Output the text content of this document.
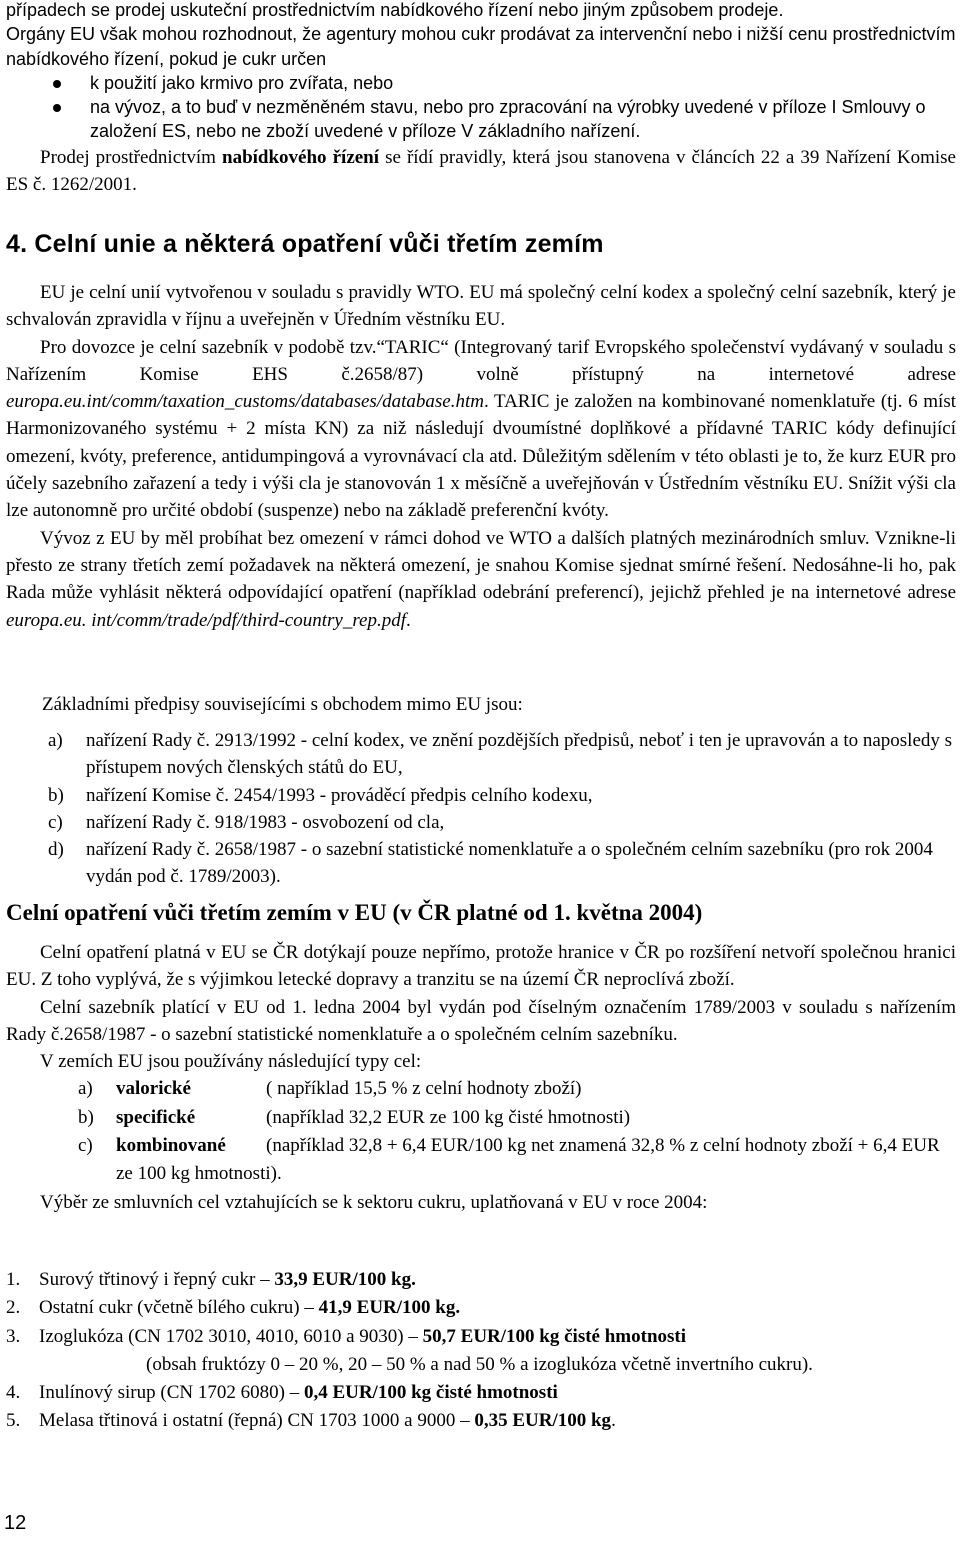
případech se prodej uskuteční prostřednictvím nabídkového řízení nebo jiným způsobem prodeje.

Orgány EU však mohou rozhodnout, že agentury mohou cukr prodávat za intervenční nebo i nižší cenu prostřednictvím nabídkového řízení, pokud je cukr určen

k použití jako krmivo pro zvířata, nebo
na vývoz, a to buď v nezměněném stavu, nebo pro zpracování na výrobky uvedené v příloze I Smlouvy o založení ES, nebo ne zboží uvedené v příloze V základního nařízení.

Prodej prostřednictvím nabídkového řízení se řídí pravidly, která jsou stanovena v článcích 22 a 39 Nařízení Komise ES č. 1262/2001.

4. Celní unie a některá opatření vůči třetím zemím

EU je celní unií vytvořenou v souladu s pravidly WTO. EU má společný celní kodex a společný celní sazebník, který je schvalován zpravidla v říjnu a uveřejněn v Úředním věstníku EU.

Pro dovozce je celní sazebník v podobě tzv.“TARIC“ (Integrovaný tarif Evropského společenství vydávaný v souladu s Nařízením Komise EHS č.2658/87) volně přístupný na internetové adrese europa.eu.int/comm/taxation_customs/databases/database.htm. TARIC je založen na kombinované nomenklatuře (tj. 6 míst Harmonizovaného systému + 2 místa KN) za niž následují dvoumístné doplňkové a přídavné TARIC kódy definující omezení, kvóty, preference, antidumpingová a vyrovnávací cla atd. Důležitým sdělením v této oblasti je to, že kurz EUR pro účely sazebního zařazení a tedy i výši cla je stanovován 1 x měsíčně a uveřejňován v Ústředním věstníku EU. Snížit výši cla lze autonomně pro určité období (suspenze) nebo na základě preferenční kvóty.

Vývoz z EU by měl probíhat bez omezení v rámci dohod ve WTO a dalších platných mezinárodních smluv. Vznikne-li přesto ze strany třetích zemí požadavek na některá omezení, je snahou Komise sjednat smírné řešení. Nedosáhne-li ho, pak Rada může vyhlásit některá odpovídající opatření (například odebrání preferencí), jejichž přehled je na internetové adrese europa.eu. int/comm/trade/pdf/third-country_rep.pdf.

Základními předpisy souvisejícími s obchodem mimo EU jsou:
a) nařízení Rady č. 2913/1992 - celní kodex, ve znění pozdějších předpisů, neboť i ten je upravován a to naposledy s přístupem nových členských států do EU,
b) nařízení Komise č. 2454/1993 - prováděcí předpis celního kodexu,
c) nařízení Rady č. 918/1983 - osvobození od cla,
d) nařízení Rady č. 2658/1987 - o sazební statistické nomenklatuře a o společném celním sazebníku (pro rok 2004 vydán pod č. 1789/2003).
Celní opatření vůči třetím zemím v EU (v ČR platné od 1. května 2004)

Celní opatření platná v EU se ČR dotýkají pouze nepřímo, protože hranice v ČR po rozšíření netvoří společnou hranici EU. Z toho vyplývá, že s výjimkou letecké dopravy a tranzitu se na území ČR neproclívá zboží.

Celní sazebník platící v EU od 1. ledna 2004 byl vydán pod číselným označením 1789/2003 v souladu s nařízením Rady č.2658/1987 - o sazební statistické nomenklatuře a o společném celním sazebníku.

V zemích EU jsou používány následující typy cel:

a) valorické	( například 15,5 % z celní hodnoty zboží)
b) specifické	(například 32,2 EUR ze 100 kg čisté hmotnosti)
c) kombinované (například 32,8 + 6,4 EUR/100 kg net znamená 32,8 % z celní hodnoty zboží + 6,4 EUR ze 100 kg hmotnosti).

Výběr ze smluvních cel vztahujících se k sektoru cukru, uplatňovaná v EU v roce 2004:

1. Surový třtinový i řepný cukr – 33,9 EUR/100 kg.
2. Ostatní cukr (včetně bílého cukru) – 41,9 EUR/100 kg.
3. Izoglukóza (CN 1702 3010, 4010, 6010 a 9030) – 50,7 EUR/100 kg čisté hmotnosti
(obsah fruktózy 0 – 20 %, 20 – 50 % a nad 50 % a izoglukóza včetně invertního cukru).
4. Inulínový sirup (CN 1702 6080) – 0,4 EUR/100 kg čisté hmotnosti
5. Melasa třtinová i ostatní (řepná) CN 1703 1000 a 9000 – 0,35 EUR/100 kg.
12
